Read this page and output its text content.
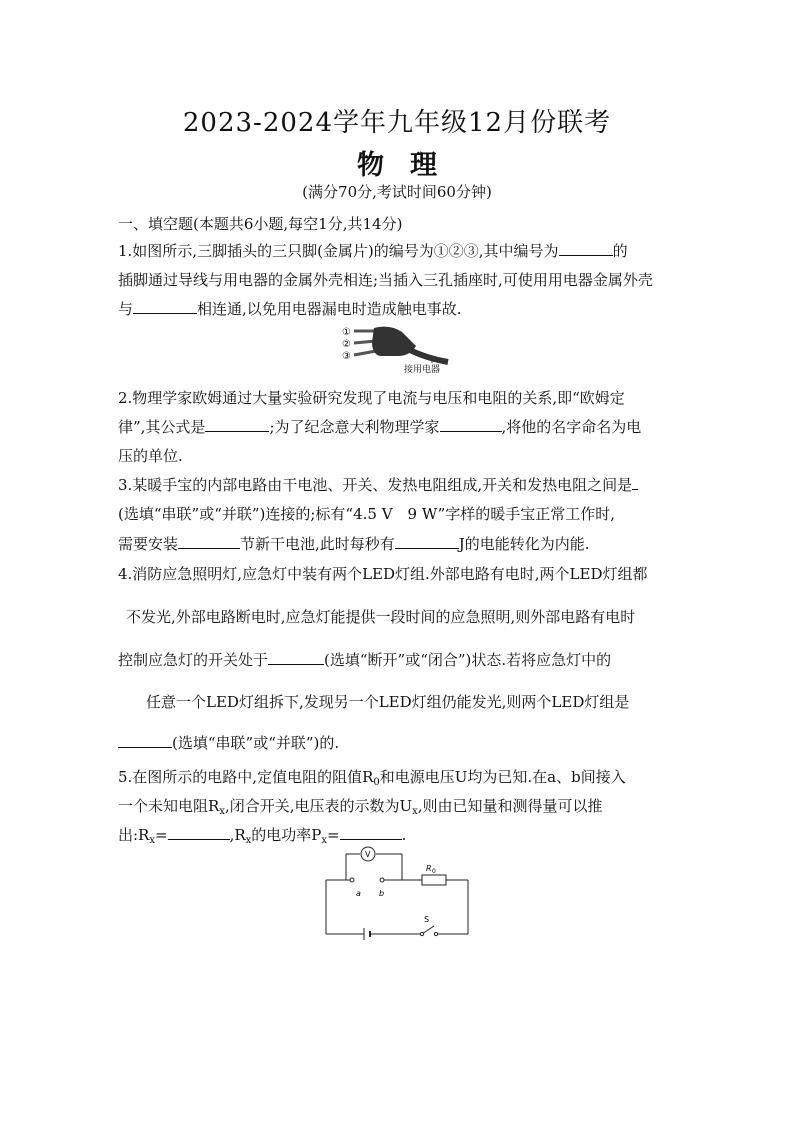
2023-2024学年九年级12月份联考
物理
(满分70分,考试时间60分钟)
一、填空题(本题共6小题,每空1分,共14分)
1.如图所示,三脚插头的三只脚(金属片)的编号为①②③,其中编号为	的
插脚通过导线与用电器的金属外壳相连;当插入三孔插座时,可使用用电器金属外壳
与	相连通,以免用电器漏电时造成触电事故.
①
②
③
接用电器
2.物理学家欧姆通过大量实验研究发现了电流与电压和电阻的关系,即“欧姆定
律”,其公式是	;为了纪念意大利物理学家	,将他的名字命名为电
压的单位.
3.某暖手宝的内部电路由干电池、开关、发热电阻组成,开关和发热电阻之间是
(选填“串联”或“并联”)连接的;标有“4.5 V　9 W”字样的暖手宝正常工作时,
需要安装	节新干电池,此时每秒有	J的电能转化为内能.
4.消防应急照明灯,应急灯中装有两个LED灯组.外部电路有电时,两个LED灯组都
不发光,外部电路断电时,应急灯能提供一段时间的应急照明,则外部电路有电时
控制应急灯的开关处于	(选填“断开”或“闭合”)状态.若将应急灯中的
任意一个LED灯组拆下,发现另一个LED灯组仍能发光,则两个LED灯组是
(选填“串联”或“并联”)的.
5.在图所示的电路中,定值电阻的阻值$R_0$和电源电压U均为已知.在a、b间接入
一个未知电阻$R_x$,闭合开关,电压表的示数为$U_x$,则由已知量和测得量可以推
出$:R_x=$	$,R_x$的电功率$P_x=$	.
V
a b
R 0
S
